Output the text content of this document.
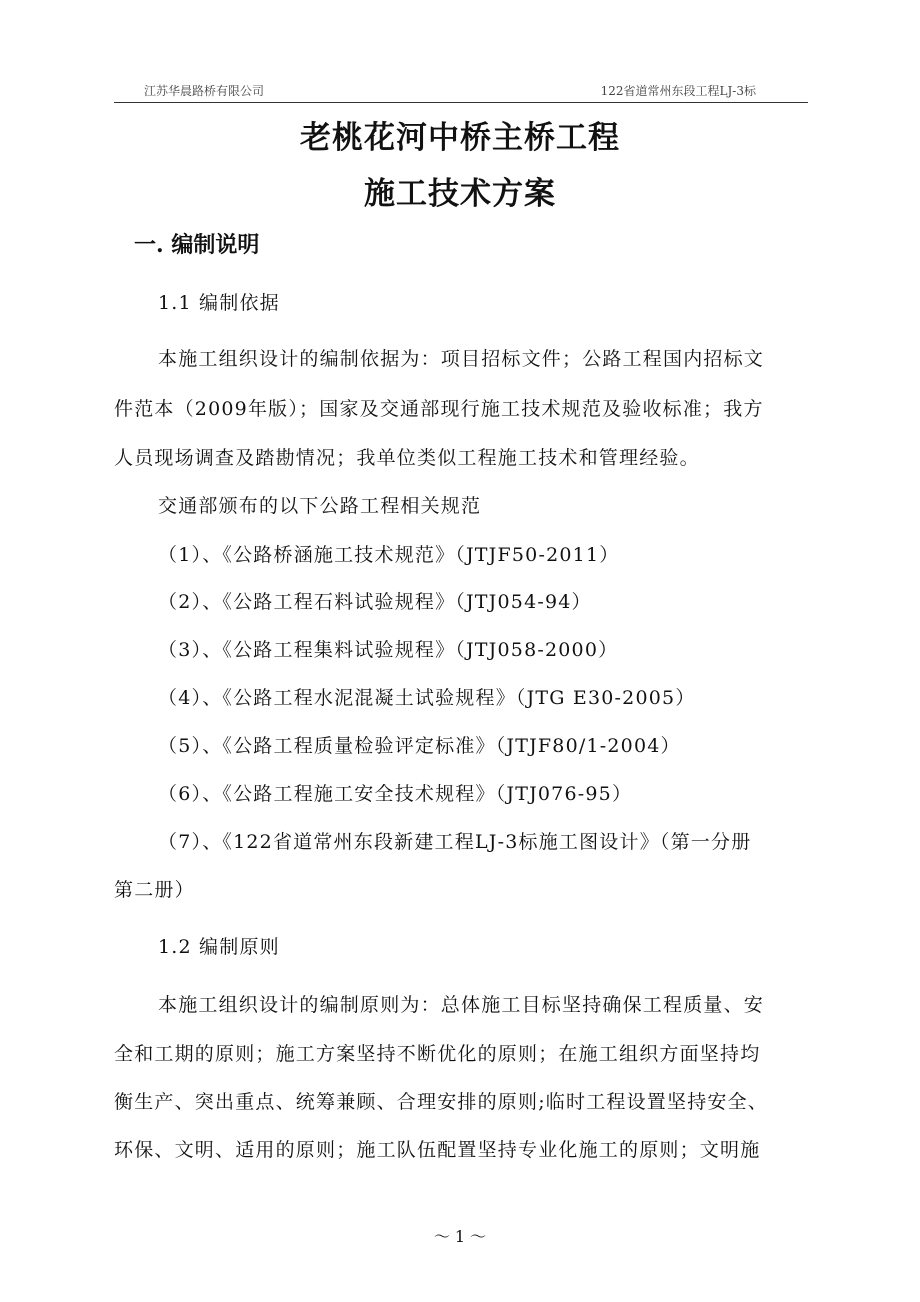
江苏华晨路桥有限公司	122省道常州东段工程LJ-3标
老桃花河中桥主桥工程
施工技术方案
一. 编制说明
1.1 编制依据
本施工组织设计的编制依据为：项目招标文件；公路工程国内招标文
件范本（2009年版）；国家及交通部现行施工技术规范及验收标准；我方
人员现场调查及踏勘情况；我单位类似工程施工技术和管理经验。
交通部颁布的以下公路工程相关规范
（1）、《公路桥涵施工技术规范》（JTJF50-2011）
（2）、《公路工程石料试验规程》（JTJ054-94）
（3）、《公路工程集料试验规程》（JTJ058-2000）
（4）、《公路工程水泥混凝土试验规程》（JTG E30-2005）
（5）、《公路工程质量检验评定标准》（JTJF80/1-2004）
（6）、《公路工程施工安全技术规程》（JTJ076-95）
（7）、《122省道常州东段新建工程LJ-3标施工图设计》（第一分册
第二册）
1.2 编制原则
本施工组织设计的编制原则为：总体施工目标坚持确保工程质量、安
全和工期的原则；施工方案坚持不断优化的原则；在施工组织方面坚持均
衡生产、突出重点、统筹兼顾、合理安排的原则;临时工程设置坚持安全、
环保、文明、适用的原则；施工队伍配置坚持专业化施工的原则；文明施
～ 1 ～
